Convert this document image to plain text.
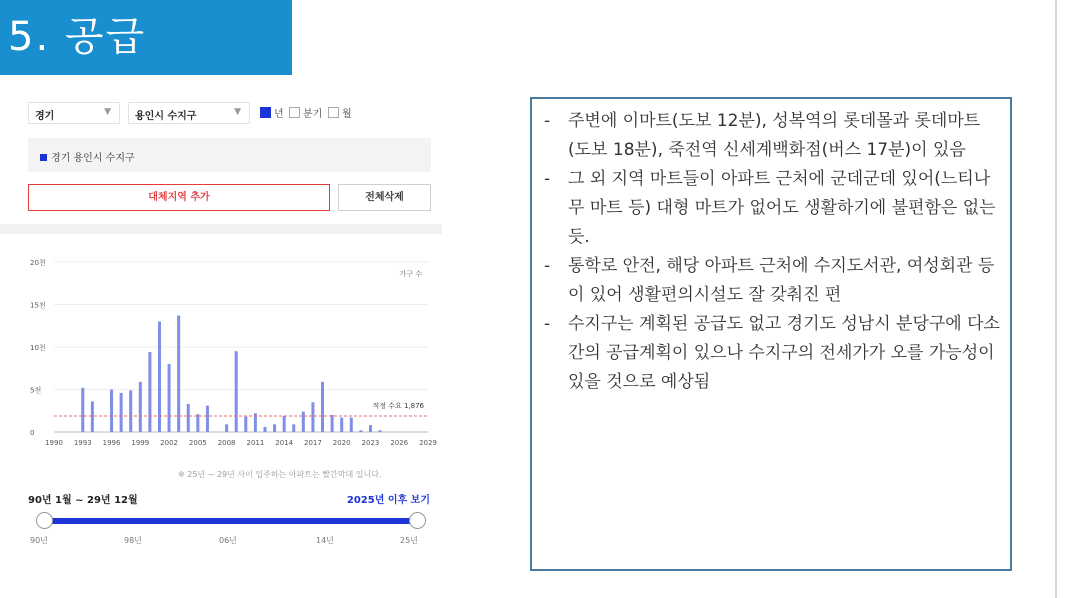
5. 공급
경기	▼	용인시 수지구	▼	년 분기 월
경기 용인시 수지구
대체지역 추가	전체삭제
0
5천
10천
15천
20천
1990 1993 1996 1999 2002 2005 2008 2011 2014 2017 2020 2023 2026 2029
적정 수요 1,876
가구 수
※ 25년 ~ 29년 사이 입주하는 아파트는 빨간막대 입니다.
90년 1월 ~ 29년 12월	2025년 이후 보기
90년	98년	06년	14년	25년
- 주변에 이마트(도보 12분), 성복역의 롯데몰과 롯데마트(도보 18분), 죽전역 신세계백화점(버스 17분)이 있음
- 그 외 지역 마트들이 아파트 근처에 군데군데 있어(느티나무 마트 등) 대형 마트가 없어도 생활하기에 불편함은 없는 듯.
- 통학로 안전, 해당 아파트 근처에 수지도서관, 여성회관 등이 있어 생활편의시설도 잘 갖춰진 편
- 수지구는 계획된 공급도 없고 경기도 성남시 분당구에 다소간의 공급계획이 있으나 수지구의 전세가가 오를 가능성이 있을 것으로 예상됨
